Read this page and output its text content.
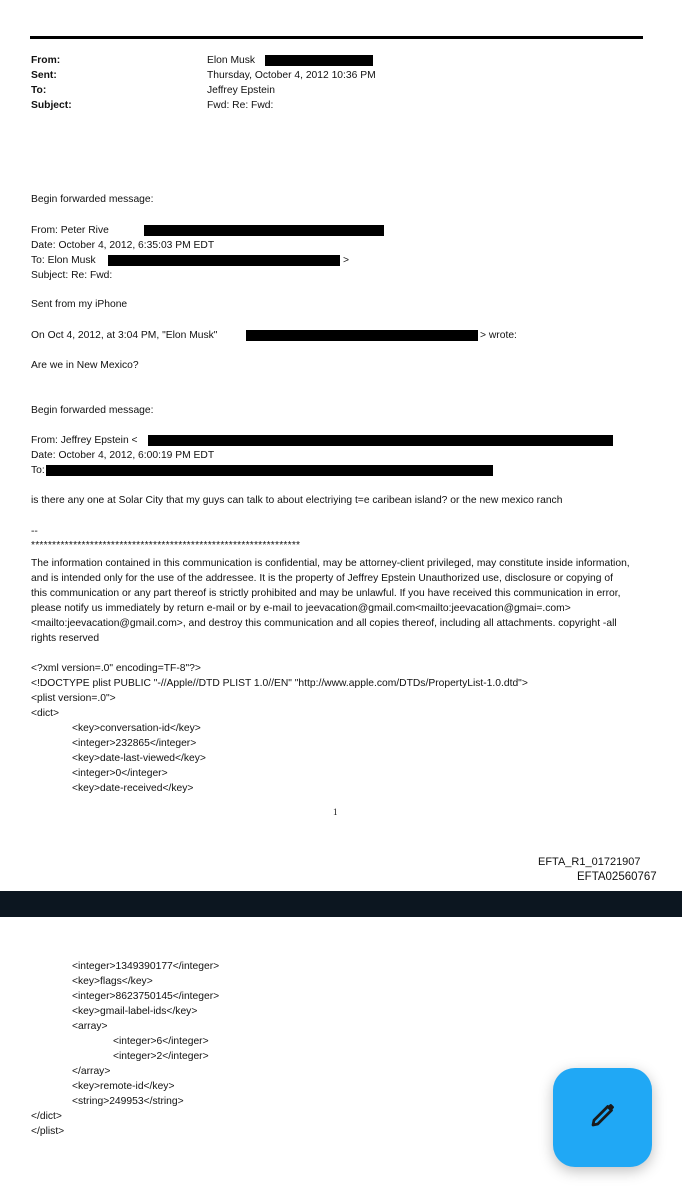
From:	Elon Musk
Sent:	Thursday, October 4, 2012 10:36 PM
To:	Jeffrey Epstein
Subject:	Fwd: Re: Fwd:
Begin forwarded message:
From: Peter Rive
Date: October 4, 2012, 6:35:03 PM EDT
To: Elon Musk	>
Subject: Re: Fwd:
Sent from my iPhone
On Oct 4, 2012, at 3:04 PM, "Elon Musk"	> wrote:
Are we in New Mexico?
Begin forwarded message:
From: Jeffrey Epstein <
Date: October 4, 2012, 6:00:19 PM EDT
To:
is there any one at Solar City that my guys can talk to about electriying t=e caribean island? or the new mexico ranch
--
****************************************************************
The information contained in this communication is confidential, may be attorney-client privileged, may constitute inside information, and is intended only for the use of the addressee. It is the property of Jeffrey Epstein Unauthorized use, disclosure or copying of this communication or any part thereof is strictly prohibited and may be unlawful. If you have received this communication in error, please notify us immediately by return e-mail or by e-mail to jeevacation@gmail.com<mailto:jeevacation@gmai=.com><mailto:jeevacation@gmail.com>, and destroy this communication and all copies thereof, including all attachments. copyright -all rights reserved
<?xml version=.0" encoding=TF-8"?>
<!DOCTYPE plist PUBLIC "-//Apple//DTD PLIST 1.0//EN" "http://www.apple.com/DTDs/PropertyList-1.0.dtd">
<plist version=.0">
<dict>
<key>conversation-id</key>
<integer>232865</integer>
<key>date-last-viewed</key>
<integer>0</integer>
<key>date-received</key>
1
EFTA_R1_01721907
EFTA02560767
<integer>1349390177</integer>
<key>flags</key>
<integer>8623750145</integer>
<key>gmail-label-ids</key>
<array>
<integer>6</integer>
<integer>2</integer>
</array>
<key>remote-id</key>
<string>249953</string>
</dict>
</plist>
